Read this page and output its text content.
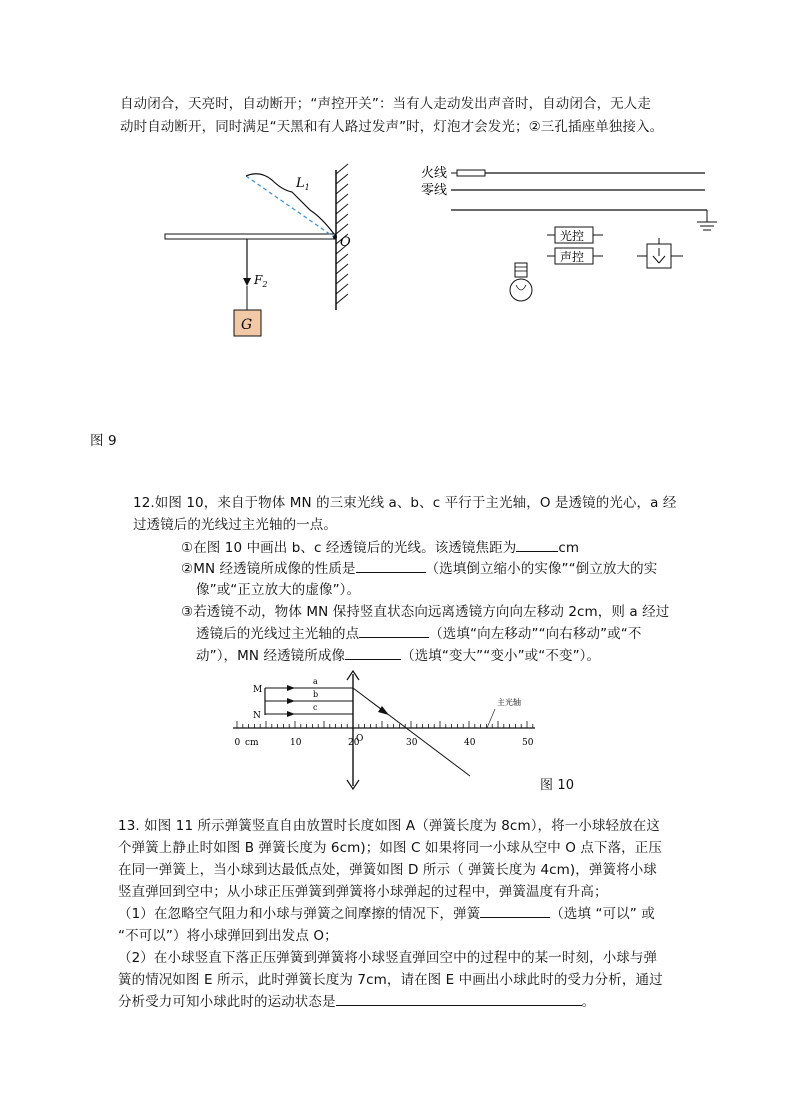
自动闭合，天亮时，自动断开；“声控开关”：当有人走动发出声音时，自动闭合，无人走
动时自动断开，同时满足“天黑和有人路过发声”时，灯泡才会发光；②三孔插座单独接入。
$L_1$
O
$F_2$
G
火线
零线
光控
声控
图 9
12.如图 10，来自于物体 MN 的三束光线 a、b、c 平行于主光轴，O 是透镜的光心，a 经
过透镜后的光线过主光轴的一点。
①在图 10 中画出 b、c 经透镜后的光线。该透镜焦距为	cm
②MN 经透镜所成像的性质是	（选填倒立缩小的实像”“倒立放大的实
像”或“正立放大的虚像”）。
③若透镜不动，物体 MN 保持竖直状态向远离透镜方向向左移动 2cm，则 a 经过
透镜后的光线过主光轴的点	（选填“向左移动”“向右移动”或“不
动”），MN 经透镜所成像	（选填“变大”“变小”或“不变”）。
0	10	20	30	40	50
cm
M
N
a
b
c
O
主光轴
图 10
13. 如图 11 所示弹簧竖直自由放置时长度如图 A（弹簧长度为 8cm），将一小球轻放在这
个弹簧上静止时如图 B 弹簧长度为 6cm)；如图 C 如果将同一小球从空中 O 点下落，正压
在同一弹簧上，当小球到达最低点处，弹簧如图 D 所示（ 弹簧长度为 4cm)，弹簧将小球
竖直弹回到空中；从小球正压弹簧到弹簧将小球弹起的过程中，弹簧温度有升高；
（1）在忽略空气阻力和小球与弹簧之间摩擦的情况下，弹簧	（选填 “可以” 或
“不可以”）将小球弹回到出发点 O；
（2）在小球竖直下落正压弹簧到弹簧将小球竖直弹回空中的过程中的某一时刻，小球与弹
簧的情况如图 E 所示，此时弹簧长度为 7cm，请在图 E 中画出小球此时的受力分析，通过
分析受力可知小球此时的运动状态是	。
